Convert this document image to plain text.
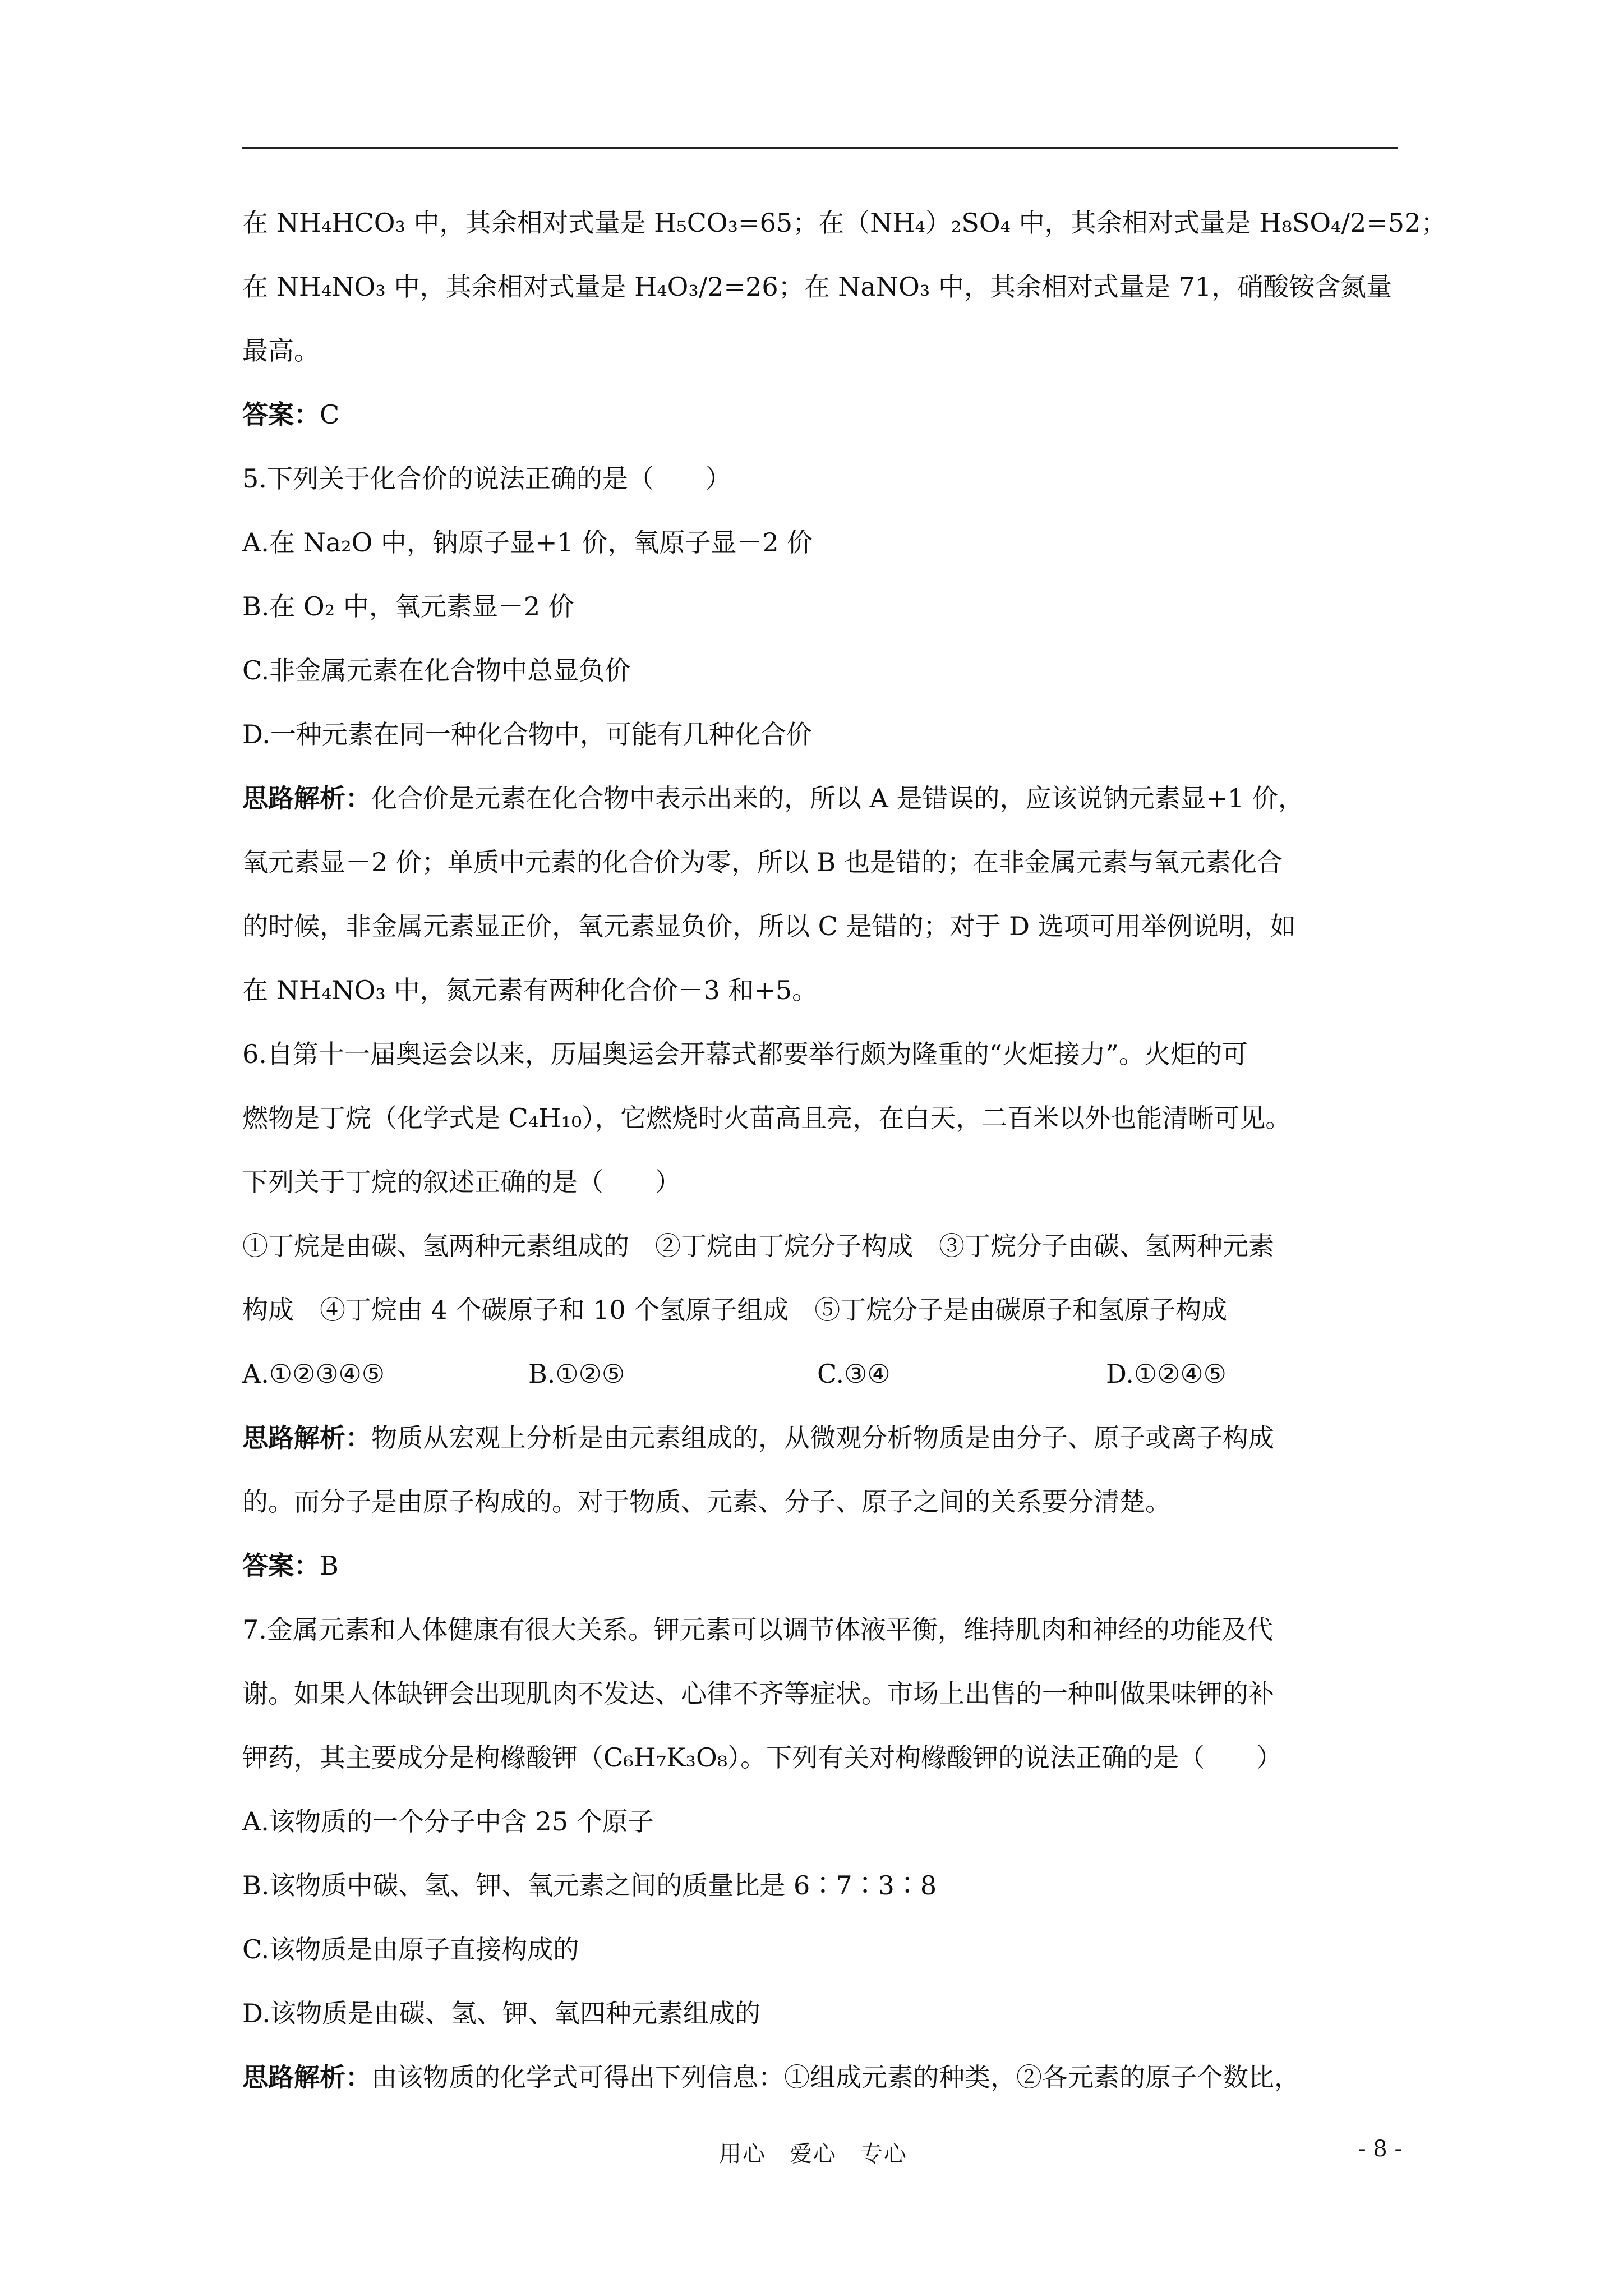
在 NH₄HCO₃ 中，其余相对式量是 H₅CO₃=65；在（NH₄）₂SO₄ 中，其余相对式量是 H₈SO₄/2=52；
在 NH₄NO₃ 中，其余相对式量是 H₄O₃/2=26；在 NaNO₃ 中，其余相对式量是 71，硝酸铵含氮量
最高。
答案：C
5.下列关于化合价的说法正确的是（　　）
A.在 Na₂O 中，钠原子显+1 价，氧原子显－2 价
B.在 O₂ 中，氧元素显－2 价
C.非金属元素在化合物中总显负价
D.一种元素在同一种化合物中，可能有几种化合价
思路解析：化合价是元素在化合物中表示出来的，所以 A 是错误的，应该说钠元素显+1 价，
氧元素显－2 价；单质中元素的化合价为零，所以 B 也是错的；在非金属元素与氧元素化合
的时候，非金属元素显正价，氧元素显负价，所以 C 是错的；对于 D 选项可用举例说明，如
在 NH₄NO₃ 中，氮元素有两种化合价－3 和+5。
6.自第十一届奥运会以来，历届奥运会开幕式都要举行颇为隆重的“火炬接力”。火炬的可
燃物是丁烷（化学式是 C₄H₁₀），它燃烧时火苗高且亮，在白天，二百米以外也能清晰可见。
下列关于丁烷的叙述正确的是（　　）
①丁烷是由碳、氢两种元素组成的　②丁烷由丁烷分子构成　③丁烷分子由碳、氢两种元素
构成　④丁烷由 4 个碳原子和 10 个氢原子组成　⑤丁烷分子是由碳原子和氢原子构成
A.①②③④⑤	B.①②⑤	C.③④	D.①②④⑤
思路解析：物质从宏观上分析是由元素组成的，从微观分析物质是由分子、原子或离子构成
的。而分子是由原子构成的。对于物质、元素、分子、原子之间的关系要分清楚。
答案：B
7.金属元素和人体健康有很大关系。钾元素可以调节体液平衡，维持肌肉和神经的功能及代
谢。如果人体缺钾会出现肌肉不发达、心律不齐等症状。市场上出售的一种叫做果味钾的补
钾药，其主要成分是枸橼酸钾（C₆H₇K₃O₈）。下列有关对枸橼酸钾的说法正确的是（　　）
A.该物质的一个分子中含 25 个原子
B.该物质中碳、氢、钾、氧元素之间的质量比是 6∶7∶3∶8
C.该物质是由原子直接构成的
D.该物质是由碳、氢、钾、氧四种元素组成的
思路解析：由该物质的化学式可得出下列信息：①组成元素的种类，②各元素的原子个数比，
用心　爱心　专心	- 8 -
